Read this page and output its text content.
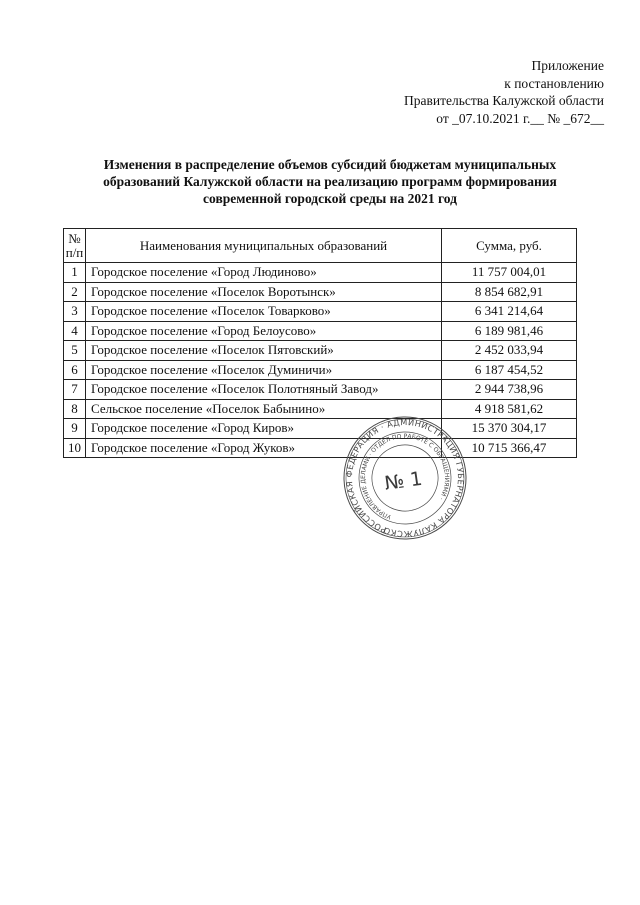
Приложение
к постановлению
Правительства Калужской области
от _07.10.2021 г.__ № _672__
Изменения в распределение объемов субсидий бюджетам муниципальных
образований Калужской области на реализацию программ формирования
современной городской среды на 2021 год
№
п/п	Наименования муниципальных образований	Сумма, руб.
1	Городское поселение «Город Людиново»	11 757 004,01
2	Городское поселение «Поселок Воротынск»	8 854 682,91
3	Городское поселение «Поселок Товарково»	6 341 214,64
4	Городское поселение «Город Белоусово»	6 189 981,46
5	Городское поселение «Поселок Пятовский»	2 452 033,94
6	Городское поселение «Поселок Думиничи»	6 187 454,52
7	Городское поселение «Поселок Полотняный Завод»	2 944 738,96
8	Сельское поселение «Поселок Бабынино»	4 918 581,62
9	Городское поселение «Город Киров»	15 370 304,17
10	Городское поселение «Город Жуков»	10 715 366,47
РОССИЙСКАЯ ФЕДЕРАЦИЯ · АДМИНИСТРАЦИЯ ГУБЕРНАТОРА КАЛУЖСКОЙ	УПРАВЛЕНИЕ ДЕЛАМИ · ОТДЕЛ ПО РАБОТЕ С ОБРАЩЕНИЯМИ ·
№ 1
